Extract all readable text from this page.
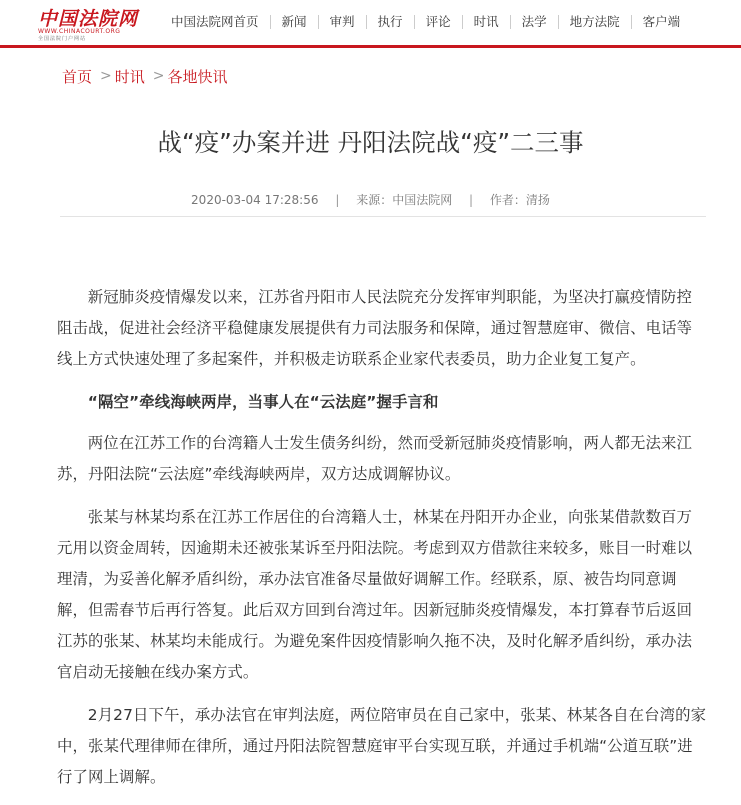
中国法院网
WWW.CHINACOURT.ORG
全国法院门户网站
中国法院网首页	新闻	审判	执行	评论	时讯	法学	地方法院	客户端
首页 > 时讯 > 各地快讯
战“疫”办案并进 丹阳法院战“疫”二三事
2020-03-04 17:28:56 | 来源：中国法院网 | 作者：清扬

新冠肺炎疫情爆发以来，江苏省丹阳市人民法院充分发挥审判职能，为坚决打赢疫情防控阻击战，促进社会经济平稳健康发展提供有力司法服务和保障，通过智慧庭审、微信、电话等线上方式快速处理了多起案件，并积极走访联系企业家代表委员，助力企业复工复产。

“隔空”牵线海峡两岸，当事人在“云法庭”握手言和

两位在江苏工作的台湾籍人士发生债务纠纷，然而受新冠肺炎疫情影响，两人都无法来江苏，丹阳法院“云法庭”牵线海峡两岸，双方达成调解协议。

张某与林某均系在江苏工作居住的台湾籍人士，林某在丹阳开办企业，向张某借款数百万元用以资金周转，因逾期未还被张某诉至丹阳法院。考虑到双方借款往来较多，账目一时难以理清，为妥善化解矛盾纠纷，承办法官准备尽量做好调解工作。经联系，原、被告均同意调解，但需春节后再行答复。此后双方回到台湾过年。因新冠肺炎疫情爆发，本打算春节后返回江苏的张某、林某均未能成行。为避免案件因疫情影响久拖不决，及时化解矛盾纠纷，承办法官启动无接触在线办案方式。

2月27日下午，承办法官在审判法庭，两位陪审员在自己家中，张某、林某各自在台湾的家中，张某代理律师在律所，通过丹阳法院智慧庭审平台实现互联，并通过手机端“公道互联”进行了网上调解。
